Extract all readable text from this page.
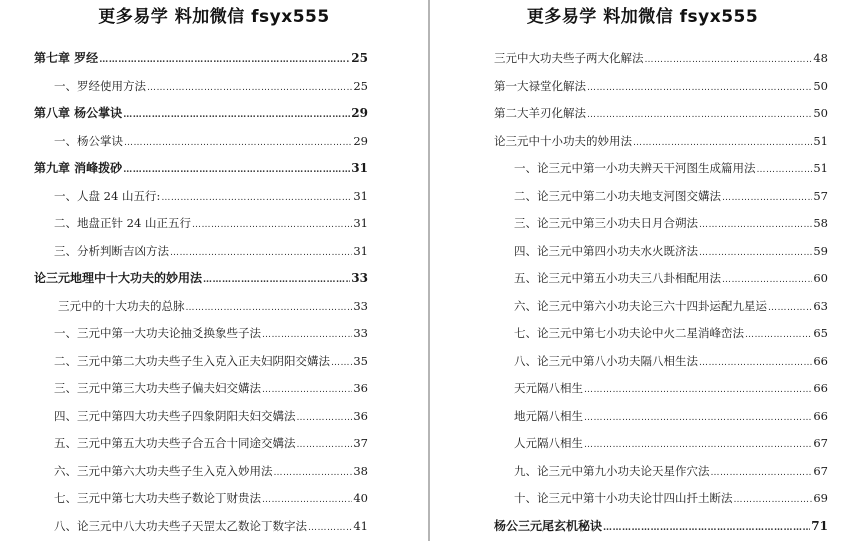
更多易学 料加微信 fsyx555
第七章 罗经 ……………………………………………………………………………………………………………………………………………………	25
一、罗经使用方法 ……………………………………………………………………………………………………………………………………………………	25
第八章 杨公掌诀 ……………………………………………………………………………………………………………………………………………………	29
一、杨公掌诀 ……………………………………………………………………………………………………………………………………………………	29
第九章 消峰拨砂 ……………………………………………………………………………………………………………………………………………………	31
一、人盘 24 山五行: ……………………………………………………………………………………………………………………………………………………	31
二、地盘正针 24 山正五行 ……………………………………………………………………………………………………………………………………………………	31
三、分析判断吉凶方法 ……………………………………………………………………………………………………………………………………………………	31
论三元地理中十大功夫的妙用法 ……………………………………………………………………………………………………………………………………………………	33
三元中的十大功夫的总脉 ……………………………………………………………………………………………………………………………………………………	33
一、三元中第一大功夫论抽爻换象些子法 ……………………………………………………………………………………………………………………………………………………	33
二、三元中第二大功夫些子生入克入正夫妇阴阳交媾法 …………………………………………………………………………………………………………………………………………………… 35
三、三元中第三大功夫些子偏夫妇交媾法 ……………………………………………………………………………………………………………………………………………………	36
四、三元中第四大功夫些子四象阴阳夫妇交媾法 ……………………………………………………………………………………………………………………………………………………	36
五、三元中第五大功夫些子合五合十同途交媾法 ……………………………………………………………………………………………………………………………………………………	37
六、三元中第六大功夫些子生入克入妙用法 ……………………………………………………………………………………………………………………………………………………	38
七、三元中第七大功夫些子数论丁财贵法 ……………………………………………………………………………………………………………………………………………………	40
八、论三元中八大功夫些子天罡太乙数论丁数字法 ……………………………………………………………………………………………………………………………………………………	41
更多易学 料加微信 fsyx555
三元中大功夫些子两大化解法 ……………………………………………………………………………………………………………………………………………………	48
第一大禄堂化解法 ……………………………………………………………………………………………………………………………………………………	50
第二大羊刃化解法 ……………………………………………………………………………………………………………………………………………………	50
论三元中十小功夫的妙用法 ……………………………………………………………………………………………………………………………………………………	51
一、论三元中第一小功夫辨天干河图生成篇用法 ……………………………………………………………………………………………………………………………………………………	51
二、论三元中第二小功夫地支河图交媾法 ……………………………………………………………………………………………………………………………………………………	57
三、论三元中第三小功夫日月合朔法 ……………………………………………………………………………………………………………………………………………………	58
四、论三元中第四小功夫水火既济法 ……………………………………………………………………………………………………………………………………………………	59
五、论三元中第五小功夫三八卦相配用法 ……………………………………………………………………………………………………………………………………………………	60
六、论三元中第六小功夫论三六十四卦运配九星运 ……………………………………………………………………………………………………………………………………………………	63
七、论三元中第七小功夫论中火二星消峰峦法 ……………………………………………………………………………………………………………………………………………………	65
八、论三元中第八小功夫隔八相生法 ……………………………………………………………………………………………………………………………………………………	66
天元隔八相生 ……………………………………………………………………………………………………………………………………………………	66
地元隔八相生 ……………………………………………………………………………………………………………………………………………………	66
人元隔八相生 ……………………………………………………………………………………………………………………………………………………	67
九、论三元中第九小功夫论天星作穴法 ……………………………………………………………………………………………………………………………………………………	67
十、论三元中第十小功夫论廿四山扦土断法 ……………………………………………………………………………………………………………………………………………………	69
杨公三元尾玄机秘诀 ……………………………………………………………………………………………………………………………………………………	71
